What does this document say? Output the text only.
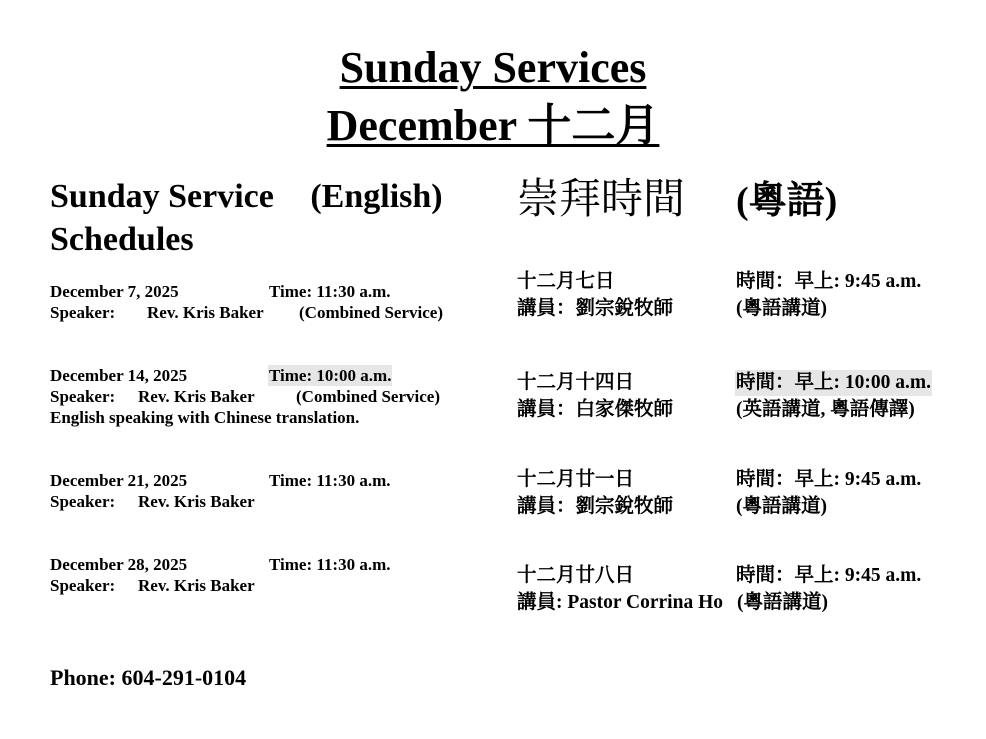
Sunday Services
December 十二月
Sunday Service (English)
Schedules
崇拜時間 (粵語)
December 7, 2025	Time: 11:30 a.m.
Speaker: Rev. Kris Baker (Combined Service)
December 14, 2025	Time: 10:00 a.m.
Speaker: Rev. Kris Baker (Combined Service)
English speaking with Chinese translation.
December 21, 2025	Time: 11:30 a.m.
Speaker: Rev. Kris Baker
December 28, 2025	Time: 11:30 a.m.
Speaker: Rev. Kris Baker
十二月七日	時間：早上: 9:45 a.m.
講員：劉宗銳牧師	(粵語講道)
十二月十四日	時間：早上: 10:00 a.m.
講員：白家傑牧師	(英語講道, 粵語傳譯)
十二月廿一日	時間：早上: 9:45 a.m.
講員：劉宗銳牧師	(粵語講道)
十二月廿八日	時間：早上: 9:45 a.m.
講員: Pastor Corrina Ho (粵語講道)
Phone: 604-291-0104
